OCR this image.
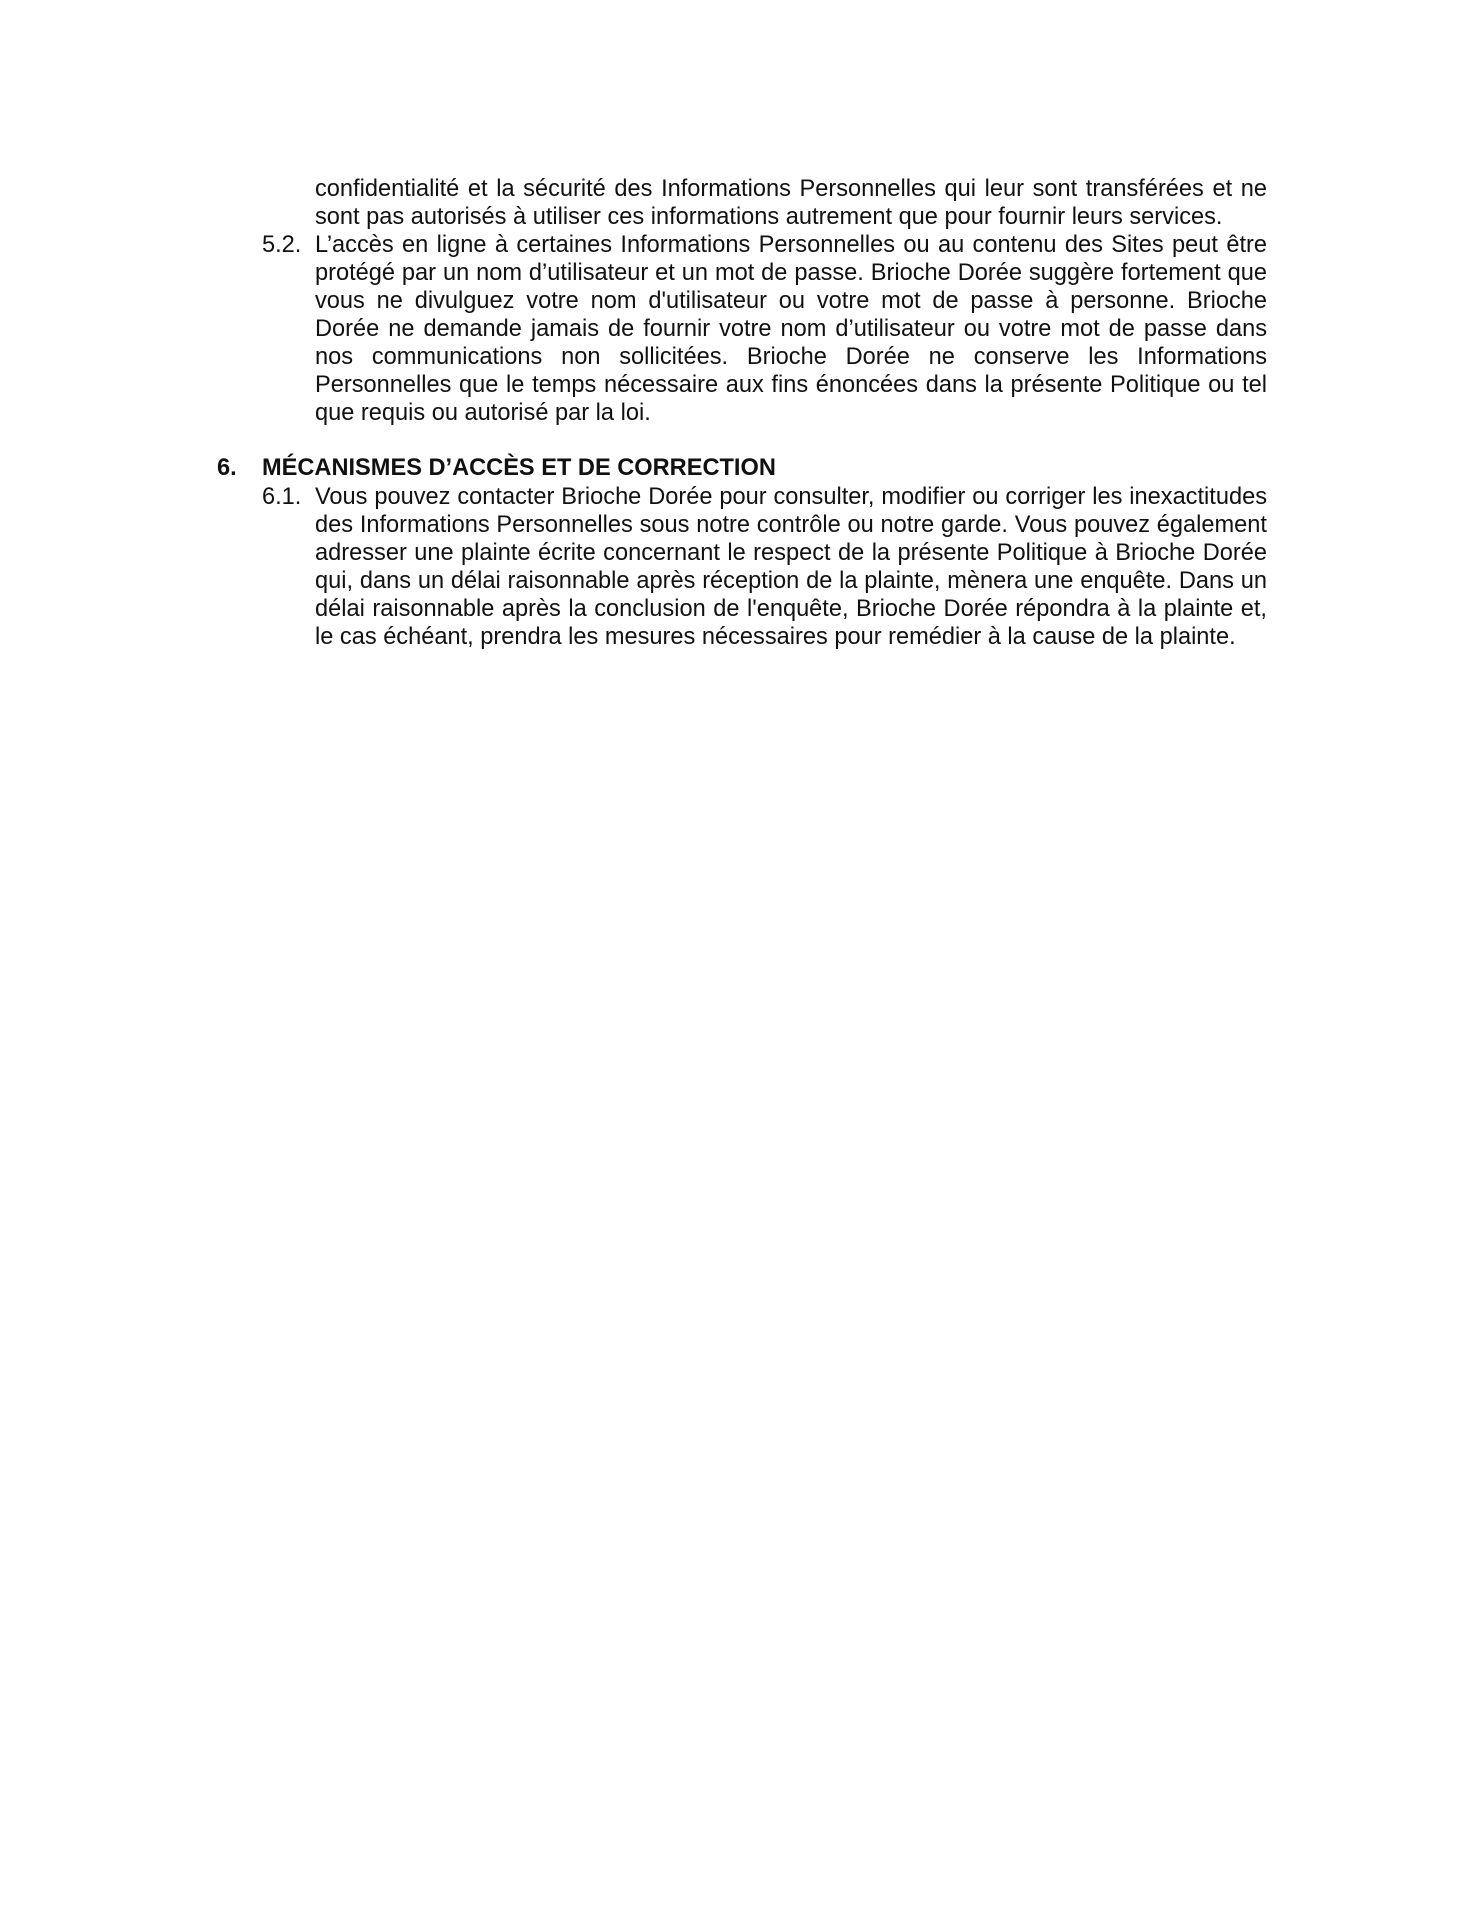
confidentialité et la sécurité des Informations Personnelles qui leur sont transférées et ne sont pas autorisés à utiliser ces informations autrement que pour fournir leurs services.

5.2. L’accès en ligne à certaines Informations Personnelles ou au contenu des Sites peut être protégé par un nom d’utilisateur et un mot de passe. Brioche Dorée suggère fortement que vous ne divulguez votre nom d'utilisateur ou votre mot de passe à personne. Brioche Dorée ne demande jamais de fournir votre nom d’utilisateur ou votre mot de passe dans nos communications non sollicitées. Brioche Dorée ne conserve les Informations Personnelles que le temps nécessaire aux fins énoncées dans la présente Politique ou tel que requis ou autorisé par la loi.

6. MÉCANISMES D’ACCÈS ET DE CORRECTION
6.1. Vous pouvez contacter Brioche Dorée pour consulter, modifier ou corriger les inexactitudes des Informations Personnelles sous notre contrôle ou notre garde. Vous pouvez également adresser une plainte écrite concernant le respect de la présente Politique à Brioche Dorée qui, dans un délai raisonnable après réception de la plainte, mènera une enquête. Dans un délai raisonnable après la conclusion de l'enquête, Brioche Dorée répondra à la plainte et, le cas échéant, prendra les mesures nécessaires pour remédier à la cause de la plainte.
